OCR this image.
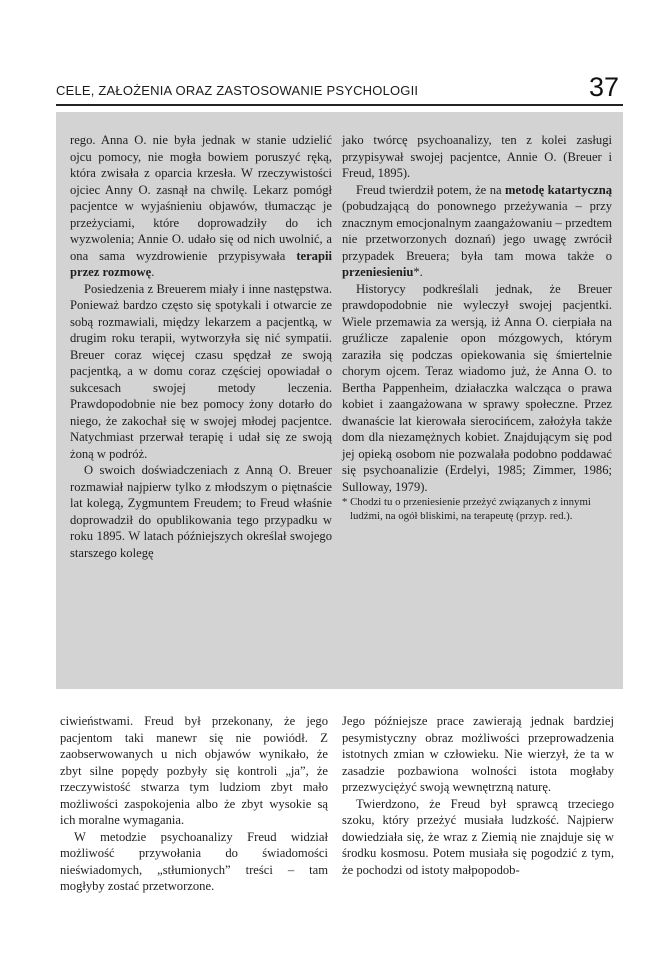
CELE, ZAŁOŻENIA ORAZ ZASTOSOWANIE PSYCHOLOGII	37

rego. Anna O. nie była jednak w stanie udzielić ojcu pomocy, nie mogła bowiem poruszyć ręką, która zwisała z oparcia krzesła. W rzeczywistości ojciec Anny O. zasnął na chwilę. Lekarz pomógł pacjentce w wyjaśnieniu objawów, tłumacząc je przeżyciami, które doprowadziły do ich wyzwolenia; Annie O. udało się od nich uwolnić, a ona sama wyzdrowienie przypisywała terapii przez rozmowę.

Posiedzenia z Breuerem miały i inne następstwa. Ponieważ bardzo często się spotykali i otwarcie ze sobą rozmawiali, między lekarzem a pacjentką, w drugim roku terapii, wytworzyła się nić sympatii. Breuer coraz więcej czasu spędzał ze swoją pacjentką, a w domu coraz częściej opowiadał o sukcesach swojej metody leczenia. Prawdopodobnie nie bez pomocy żony dotarło do niego, że zakochał się w swojej młodej pacjentce. Natychmiast przerwał terapię i udał się ze swoją żoną w podróż.

O swoich doświadczeniach z Anną O. Breuer rozmawiał najpierw tylko z młodszym o piętnaście lat kolegą, Zygmuntem Freudem; to Freud właśnie doprowadził do opublikowania tego przypadku w roku 1895. W latach późniejszych określał swojego starszego kolegę

jako twórcę psychoanalizy, ten z kolei zasługi przypisywał swojej pacjentce, Annie O. (Breuer i Freud, 1895).

Freud twierdził potem, że na metodę katartyczną (pobudzającą do ponownego przeżywania – przy znacznym emocjonalnym zaangażowaniu – przedtem nie przetworzonych doznań) jego uwagę zwrócił przypadek Breuera; była tam mowa także o przeniesieniu*.

Historycy podkreślali jednak, że Breuer prawdopodobnie nie wyleczył swojej pacjentki. Wiele przemawia za wersją, iż Anna O. cierpiała na gruźlicze zapalenie opon mózgowych, którym zaraziła się podczas opiekowania się śmiertelnie chorym ojcem. Teraz wiadomo już, że Anna O. to Bertha Pappenheim, działaczka walcząca o prawa kobiet i zaangażowana w sprawy społeczne. Przez dwanaście lat kierowała sierocińcem, założyła także dom dla niezamężnych kobiet. Znajdującym się pod jej opieką osobom nie pozwalała podobno poddawać się psychoanalizie (Erdelyi, 1985; Zimmer, 1986; Sulloway, 1979).

* Chodzi tu o przeniesienie przeżyć związanych z innymi ludźmi, na ogół bliskimi, na terapeutę (przyp. red.).

ciwieństwami. Freud był przekonany, że jego pacjentom taki manewr się nie powiódł. Z zaobserwowanych u nich objawów wynikało, że zbyt silne popędy pozbyły się kontroli „ja”, że rzeczywistość stwarza tym ludziom zbyt mało możliwości zaspokojenia albo że zbyt wysokie są ich moralne wymagania.

W metodzie psychoanalizy Freud widział możliwość przywołania do świadomości nieświadomych, „stłumionych” treści – tam mogłyby zostać przetworzone.

Jego późniejsze prace zawierają jednak bardziej pesymistyczny obraz możliwości przeprowadzenia istotnych zmian w człowieku. Nie wierzył, że ta w zasadzie pozbawiona wolności istota mogłaby przezwyciężyć swoją wewnętrzną naturę.

Twierdzono, że Freud był sprawcą trzeciego szoku, który przeżyć musiała ludzkość. Najpierw dowiedziała się, że wraz z Ziemią nie znajduje się w środku kosmosu. Potem musiała się pogodzić z tym, że pochodzi od istoty małpopodob-
